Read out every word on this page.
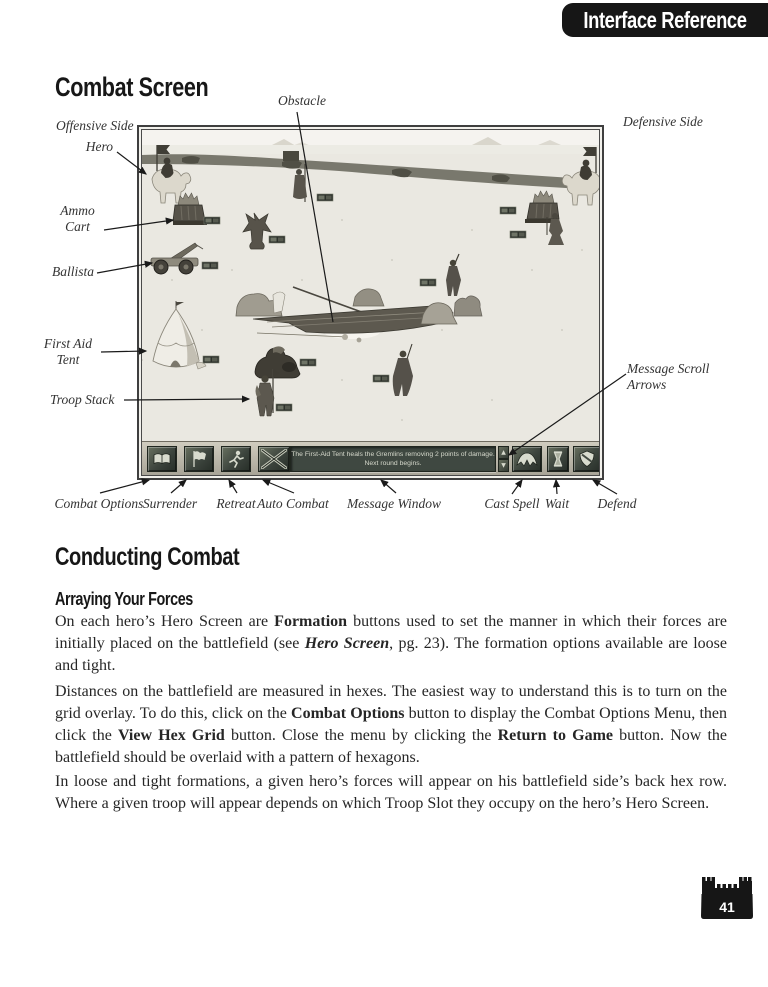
Interface Reference
Combat Screen
Conducting Combat
Arraying Your Forces
Obstacle
Offensive Side	Defensive Side
Hero
Ammo
Cart
Ballista
First Aid
Tent
Troop Stack
Message Scroll
Arrows
Combat Options Surrender Retreat Auto Combat Message Window	Cast Spell Wait Defend
The First-Aid Tent heals the Gremlins removing 2 points of damage.
Next round begins.
▲
▼

On each hero’s Hero Screen are Formation buttons used to set the manner in which their forces are initially placed on the battlefield (see Hero Screen, pg. 23). The formation options available are loose and tight.

Distances on the battlefield are measured in hexes. The easiest way to understand this is to turn on the grid overlay. To do this, click on the Combat Options button to display the Combat Options Menu, then click the View Hex Grid button. Close the menu by clicking the Return to Game button. Now the battlefield should be overlaid with a pattern of hexagons.

In loose and tight formations, a given hero’s forces will appear on his battlefield side’s back hex row. Where a given troop will appear depends on which Troop Slot they occupy on the hero’s Hero Screen.

41
